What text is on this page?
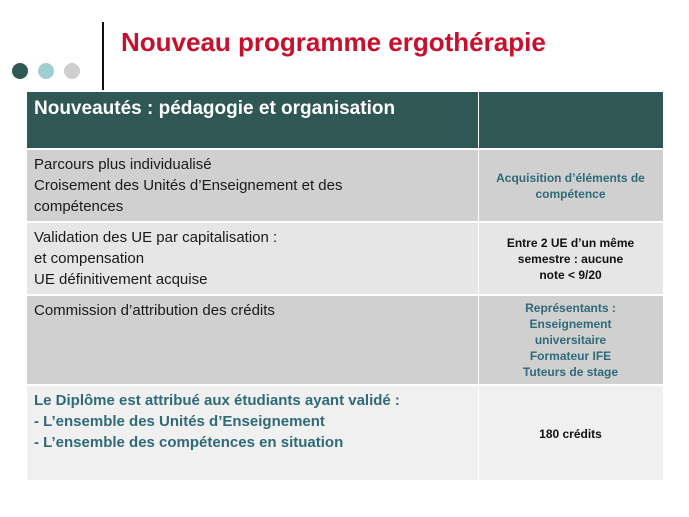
Nouveau programme ergothérapie
Nouveautés : pédagogie et organisation	

Parcours plus individualisé
Croisement des Unités d’Enseignement et des
compétences	Acquisition d’éléments de
compétence

Validation des UE par capitalisation :
et compensation
UE définitivement acquise	Entre 2 UE d’un même
semestre : aucune
note < 9/20

Commission d’attribution des crédits	Représentants :
Enseignement
universitaire
Formateur IFE
Tuteurs de stage

Le Diplôme est attribué aux étudiants ayant validé :
- L’ensemble des Unités d’Enseignement
- L’ensemble des compétences en situation	180 crédits
